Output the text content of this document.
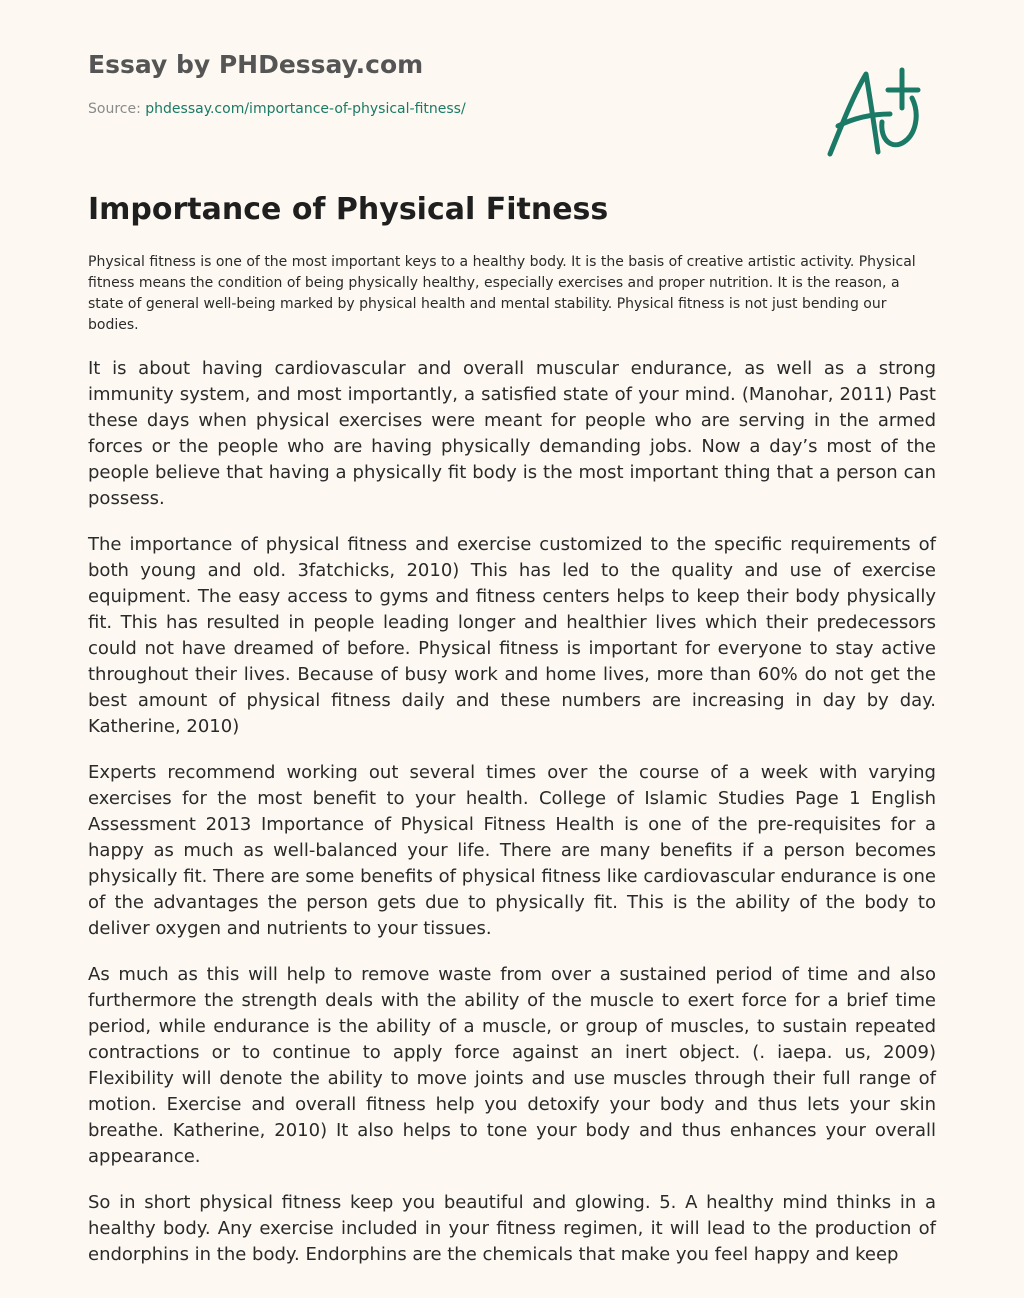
Essay by PHDessay.com

Source: phdessay.com/importance-of-physical-fitness/

Importance of Physical Fitness

Physical fitness is one of the most important keys to a healthy body. It is the basis of creative artistic activity. Physical fitness means the condition of being physically healthy, especially exercises and proper nutrition. It is the reason, a state of general well-being marked by physical health and mental stability. Physical fitness is not just bending our bodies.

It is about having cardiovascular and overall muscular endurance, as well as a strong immunity system, and most importantly, a satisfied state of your mind. (Manohar, 2011) Past these days when physical exercises were meant for people who are serving in the armed forces or the people who are having physically demanding jobs. Now a day’s most of the people believe that having a physically fit body is the most important thing that a person can possess.

The importance of physical fitness and exercise customized to the specific requirements of both young and old. 3fatchicks, 2010) This has led to the quality and use of exercise equipment. The easy access to gyms and fitness centers helps to keep their body physically fit. This has resulted in people leading longer and healthier lives which their predecessors could not have dreamed of before. Physical fitness is important for everyone to stay active throughout their lives. Because of busy work and home lives, more than 60% do not get the best amount of physical fitness daily and these numbers are increasing in day by day. Katherine, 2010)

Experts recommend working out several times over the course of a week with varying exercises for the most benefit to your health. College of Islamic Studies Page 1 English Assessment 2013 Importance of Physical Fitness Health is one of the pre-requisites for a happy as much as well-balanced your life. There are many benefits if a person becomes physically fit. There are some benefits of physical fitness like cardiovascular endurance is one of the advantages the person gets due to physically fit. This is the ability of the body to deliver oxygen and nutrients to your tissues.

As much as this will help to remove waste from over a sustained period of time and also furthermore the strength deals with the ability of the muscle to exert force for a brief time period, while endurance is the ability of a muscle, or group of muscles, to sustain repeated contractions or to continue to apply force against an inert object. (. iaepa. us, 2009) Flexibility will denote the ability to move joints and use muscles through their full range of motion. Exercise and overall fitness help you detoxify your body and thus lets your skin breathe. Katherine, 2010) It also helps to tone your body and thus enhances your overall appearance.

So in short physical fitness keep you beautiful and glowing. 5. A healthy mind thinks in a healthy body. Any exercise included in your fitness regimen, it will lead to the production of endorphins in the body. Endorphins are the chemicals that make you feel happy and keep
